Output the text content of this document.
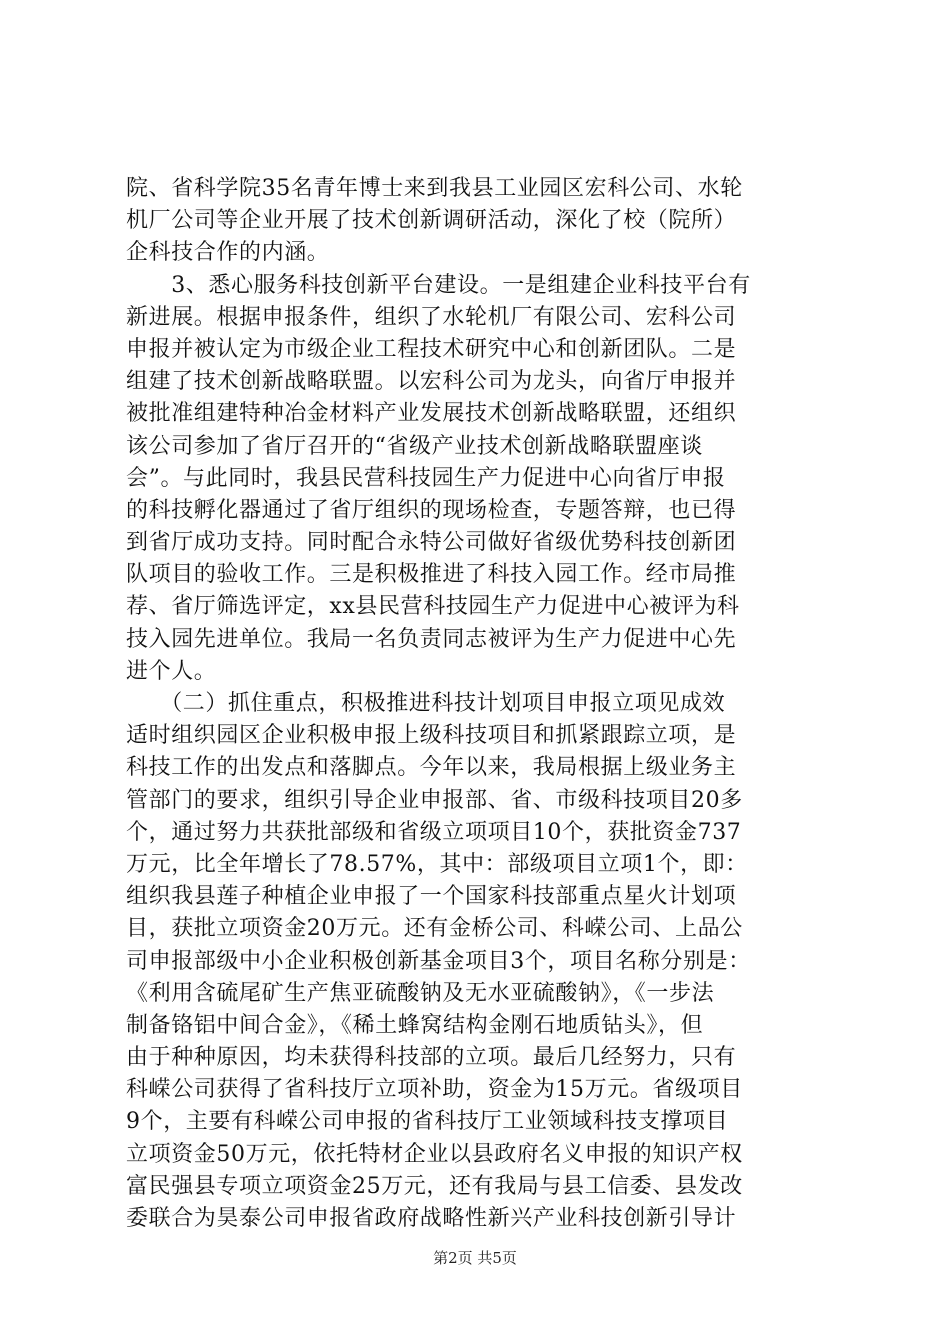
院、省科学院35名青年博士来到我县工业园区宏科公司、水轮
机厂公司等企业开展了技术创新调研活动，深化了校（院所）
企科技合作的内涵。
　　3、悉心服务科技创新平台建设。一是组建企业科技平台有
新进展。根据申报条件，组织了水轮机厂有限公司、宏科公司
申报并被认定为市级企业工程技术研究中心和创新团队。二是
组建了技术创新战略联盟。以宏科公司为龙头，向省厅申报并
被批准组建特种冶金材料产业发展技术创新战略联盟，还组织
该公司参加了省厅召开的“省级产业技术创新战略联盟座谈
会”。与此同时，我县民营科技园生产力促进中心向省厅申报
的科技孵化器通过了省厅组织的现场检查，专题答辩，也已得
到省厅成功支持。同时配合永特公司做好省级优势科技创新团
队项目的验收工作。三是积极推进了科技入园工作。经市局推
荐、省厅筛选评定，xx县民营科技园生产力促进中心被评为科
技入园先进单位。我局一名负责同志被评为生产力促进中心先
进个人。
　　（二）抓住重点，积极推进科技计划项目申报立项见成效
适时组织园区企业积极申报上级科技项目和抓紧跟踪立项，是
科技工作的出发点和落脚点。今年以来，我局根据上级业务主
管部门的要求，组织引导企业申报部、省、市级科技项目20多
个，通过努力共获批部级和省级立项项目10个，获批资金737
万元，比全年增长了78.57%，其中：部级项目立项1个，即：
组织我县莲子种植企业申报了一个国家科技部重点星火计划项
目，获批立项资金20万元。还有金桥公司、科嵘公司、上品公
司申报部级中小企业积极创新基金项目3个，项目名称分别是：
《利用含硫尾矿生产焦亚硫酸钠及无水亚硫酸钠》，《一步法
制备铬铝中间合金》，《稀土蜂窝结构金刚石地质钻头》，但
由于种种原因，均未获得科技部的立项。最后几经努力，只有
科嵘公司获得了省科技厅立项补助，资金为15万元。省级项目
9个，主要有科嵘公司申报的省科技厅工业领域科技支撑项目
立项资金50万元，依托特材企业以县政府名义申报的知识产权
富民强县专项立项资金25万元，还有我局与县工信委、县发改
委联合为昊泰公司申报省政府战略性新兴产业科技创新引导计
第2页 共5页
